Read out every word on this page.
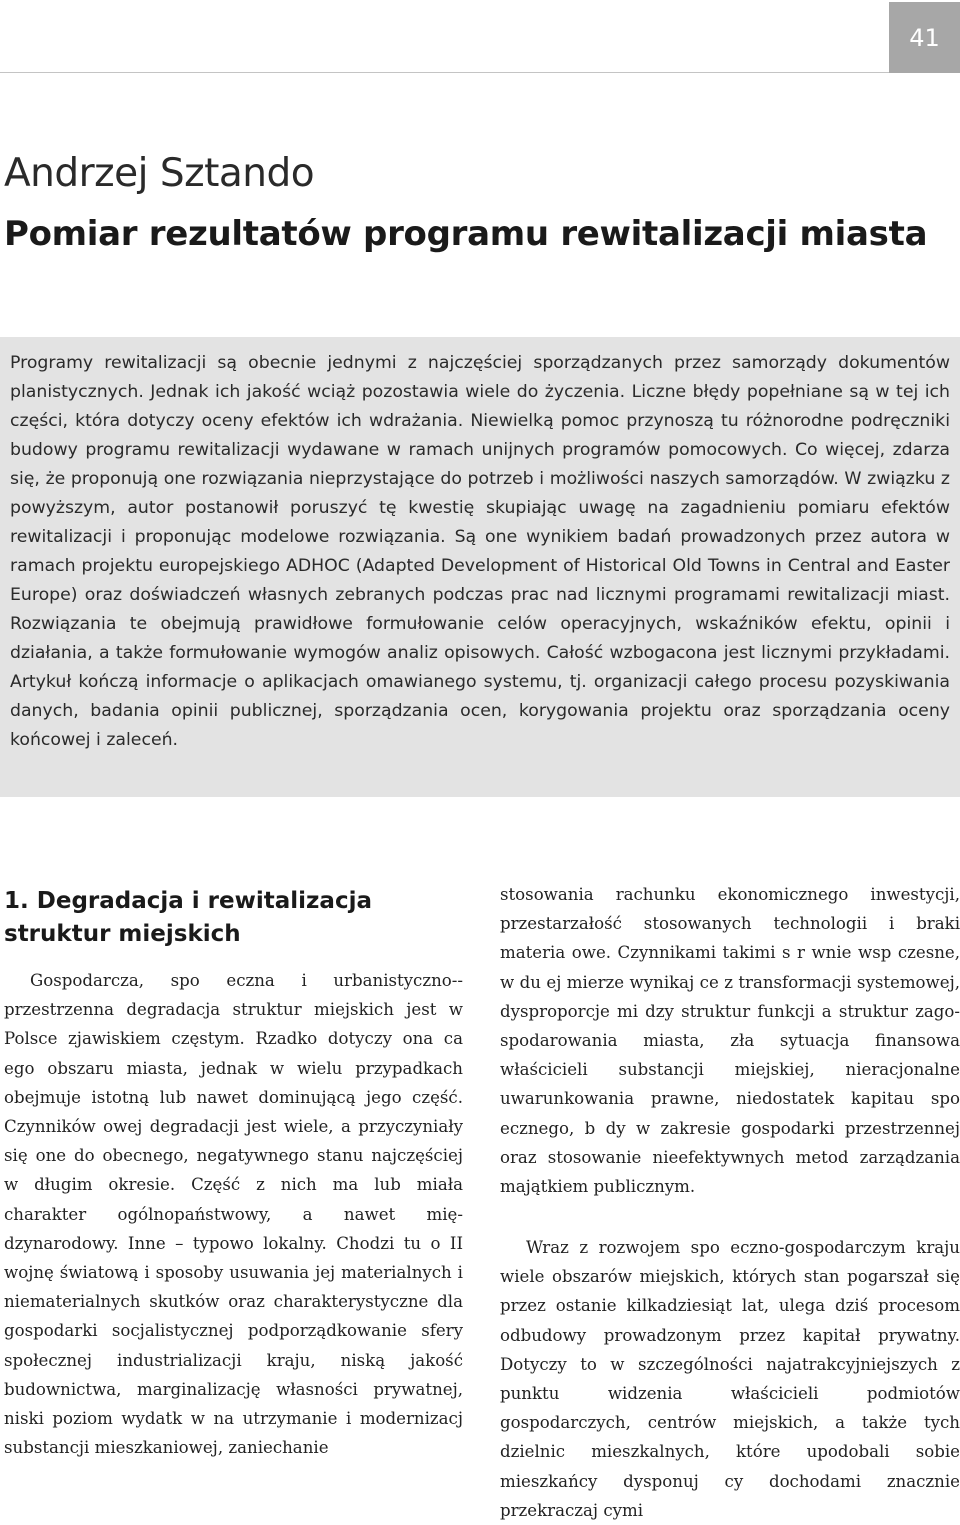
41
Andrzej Sztando
Pomiar rezultatów programu rewitalizacji miasta

Programy rewitalizacji są obecnie jednymi z najczęściej sporządzanych przez samorządy dokumentów planistycznych. Jednak ich jakość wciąż pozostawia wiele do życzenia. Liczne błędy popełniane są w tej ich części, która dotyczy oceny efektów ich wdrażania. Niewielką pomoc przynoszą tu różnorodne podręczniki budowy programu rewitalizacji wydawane w ramach unijnych programów pomocowych. Co więcej, zdarza się, że proponują one rozwiązania nieprzystające do potrzeb i możliwości naszych samorządów. W związku z powyższym, autor postanowił poruszyć tę kwestię skupiając uwagę na zagadnieniu pomiaru efektów rewitalizacji i proponując modelowe rozwiązania. Są one wynikiem badań prowadzonych przez autora w ramach projektu europejskiego ADHOC (Adapted Development of Historical Old Towns in Central and Easter Europe) oraz doświadczeń własnych zebranych podczas prac nad licznymi programami rewitalizacji miast. Rozwiązania te obejmują prawidłowe formułowanie celów operacyjnych, wskaźników efektu, opinii i działania, a także formułowanie wymogów analiz opisowych. Całość wzbogacona jest licznymi przykładami. Artykuł kończą informacje o aplikacjach omawianego systemu, tj. organizacji całego procesu pozyskiwania danych, badania opinii publicznej, sporządzania ocen, korygowania projektu oraz sporządzania oceny końcowej i zaleceń.

1. Degradacja i rewitalizacja struktur miejskich

Gospodarcza, spo eczna i urbanistyczno-przestrzenna degradacja struktur miejskich jest w Polsce zjawiskiem częstym. Rzadko dotyczy ona ca ego obszaru miasta, jednak w wielu przypadkach obejmuje istotną lub nawet dominującą jego część. Czynników owej degradacji jest wiele, a przyczyniały się one do obecnego, negatywnego stanu najczęściej w długim okresie. Część z nich ma lub miała charakter ogólnopaństwowy, a nawet międzynarodowy. Inne – typowo lokalny. Chodzi tu o II wojnę światową i sposoby usuwania jej materialnych i niematerialnych skutków oraz charakterystyczne dla gospodarki socjalistycznej podporządkowanie sfery społecznej industrializacji kraju, niską jakość budownictwa, marginalizację własności prywatnej, niski poziom wydatk w na utrzymanie i modernizacj substancji mieszkaniowej, zaniechanie

stosowania rachunku ekonomicznego inwestycji, przestarzałość stosowanych technologii i braki materia owe. Czynnikami takimi s r wnie wsp czesne, w du ej mierze wynikaj ce z transformacji systemowej, dysproporcje mi dzy struktur funkcji a struktur zagospodarowania miasta, zła sytuacja finansowa właścicieli substancji miejskiej, nieracjonalne uwarunkowania prawne, niedostatek kapitau spo ecznego, b dy w zakresie gospodarki przestrzennej oraz stosowanie nieefektywnych metod zarządzania majątkiem publicznym.

Wraz z rozwojem spo eczno-gospodarczym kraju wiele obszarów miejskich, których stan pogarszał się przez ostanie kilkadziesiąt lat, ulega dziś procesom odbudowy prowadzonym przez kapitał prywatny. Dotyczy to w szczególności najatrakcyjniejszych z punktu widzenia właścicieli podmiotów gospodarczych, centrów miejskich, a także tych dzielnic mieszkalnych, które upodobali sobie mieszkańcy dysponuj cy dochodami znacznie przekraczaj cymi
